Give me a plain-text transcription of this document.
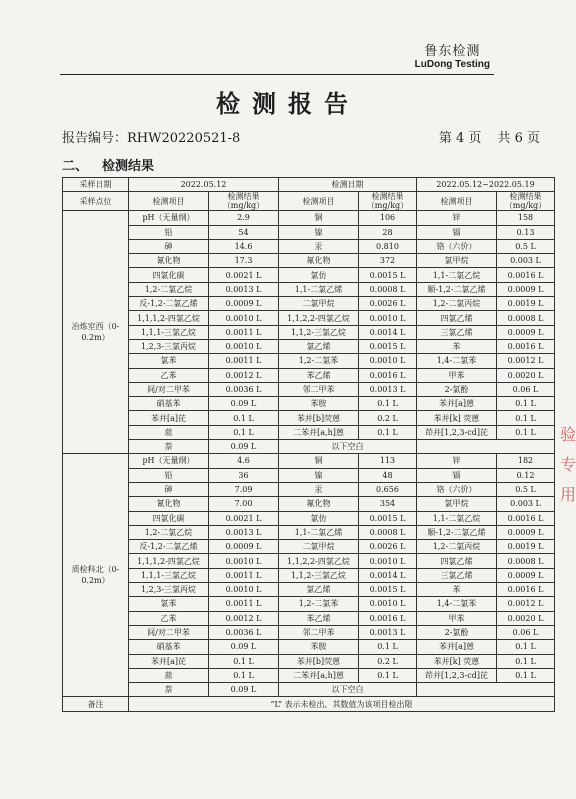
鲁东检测
LuDong Testing
检测报告
报告编号：RHW20220521-8	第 4 页 共 6 页
二、 检测结果
采样日期	2022.05.12		检测日期		2022.05.12~2022.05.19	
采样点位	检测项目	检测结果（mg/kg）	检测项目	检测结果（mg/kg）	检测项目	检测结果（mg/kg）
冶炼室西（0-0.2m）	pH（无量纲）	2.9	铜	106	锌	158
	铅	54	镍	28	镉	0.13
	砷	14.6	汞	0.810	铬（六价）	0.5 L
	氰化物	17.3	氟化物	372	氯甲烷	0.003 L
	四氯化碳	0.0021 L	氯仿	0.0015 L	1,1-二氯乙烷	0.0016 L
	1,2-二氯乙烷	0.0013 L	1,1-二氯乙烯	0.0008 L	顺-1,2-二氯乙烯	0.0009 L
	反-1,2-二氯乙烯	0.0009 L	二氯甲烷	0.0026 L	1,2-二氯丙烷	0.0019 L
	1,1,1,2-四氯乙烷	0.0010 L	1,1,2,2-四氯乙烷	0.0010 L	四氯乙烯	0.0008 L
	1,1,1-三氯乙烷	0.0011 L	1,1,2-三氯乙烷	0.0014 L	三氯乙烯	0.0009 L
	1,2,3-三氯丙烷	0.0010 L	氯乙烯	0.0015 L	苯	0.0016 L
	氯苯	0.0011 L	1,2-二氯苯	0.0010 L	1,4-二氯苯	0.0012 L
	乙苯	0.0012 L	苯乙烯	0.0016 L	甲苯	0.0020 L
	间/对二甲苯	0.0036 L	邻二甲苯	0.0013 L	2-氯酚	0.06 L
	硝基苯	0.09 L	苯胺	0.1 L	苯并[a]蒽	0.1 L
	苯并[a]芘	0.1 L	苯并[b]荧蒽	0.2 L	苯并[k] 荧蒽	0.1 L
	䓛	0.1 L	二苯并[a,h]蒽	0.1 L	茚并[1,2,3-cd]芘	0.1 L
	萘	0.09 L	以下空白			
质检科北（0-0.2m）	pH（无量纲）	4.6	铜	113	锌	182
	铅	36	镍	48	镉	0.12
	砷	7.09	汞	0.656	铬（六价）	0.5 L
	氰化物	7.00	氟化物	354	氯甲烷	0.003 L
	四氯化碳	0.0021 L	氯仿	0.0015 L	1,1-二氯乙烷	0.0016 L
	1,2-二氯乙烷	0.0013 L	1,1-二氯乙烯	0.0008 L	顺-1,2-二氯乙烯	0.0009 L
	反-1,2-二氯乙烯	0.0009 L	二氯甲烷	0.0026 L	1,2-二氯丙烷	0.0019 L
	1,1,1,2-四氯乙烷	0.0010 L	1,1,2,2-四氯乙烷	0.0010 L	四氯乙烯	0.0008 L
	1,1,1-三氯乙烷	0.0011 L	1,1,2-三氯乙烷	0.0014 L	三氯乙烯	0.0009 L
	1,2,3-三氯丙烷	0.0010 L	氯乙烯	0.0015 L	苯	0.0016 L
	氯苯	0.0011 L	1,2-二氯苯	0.0010 L	1,4-二氯苯	0.0012 L
	乙苯	0.0012 L	苯乙烯	0.0016 L	甲苯	0.0020 L
	间/对二甲苯	0.0036 L	邻二甲苯	0.0013 L	2-氯酚	0.06 L
	硝基苯	0.09 L	苯胺	0.1 L	苯并[a]蒽	0.1 L
	苯并[a]芘	0.1 L	苯并[b]荧蒽	0.2 L	苯并[k] 荧蒽	0.1 L
	䓛	0.1 L	二苯并[a,h]蒽	0.1 L	茚并[1,2,3-cd]芘	0.1 L
	萘	0.09 L	以下空白			
备注	“L” 表示未检出，其数值为该项目检出限					
验 专 用
